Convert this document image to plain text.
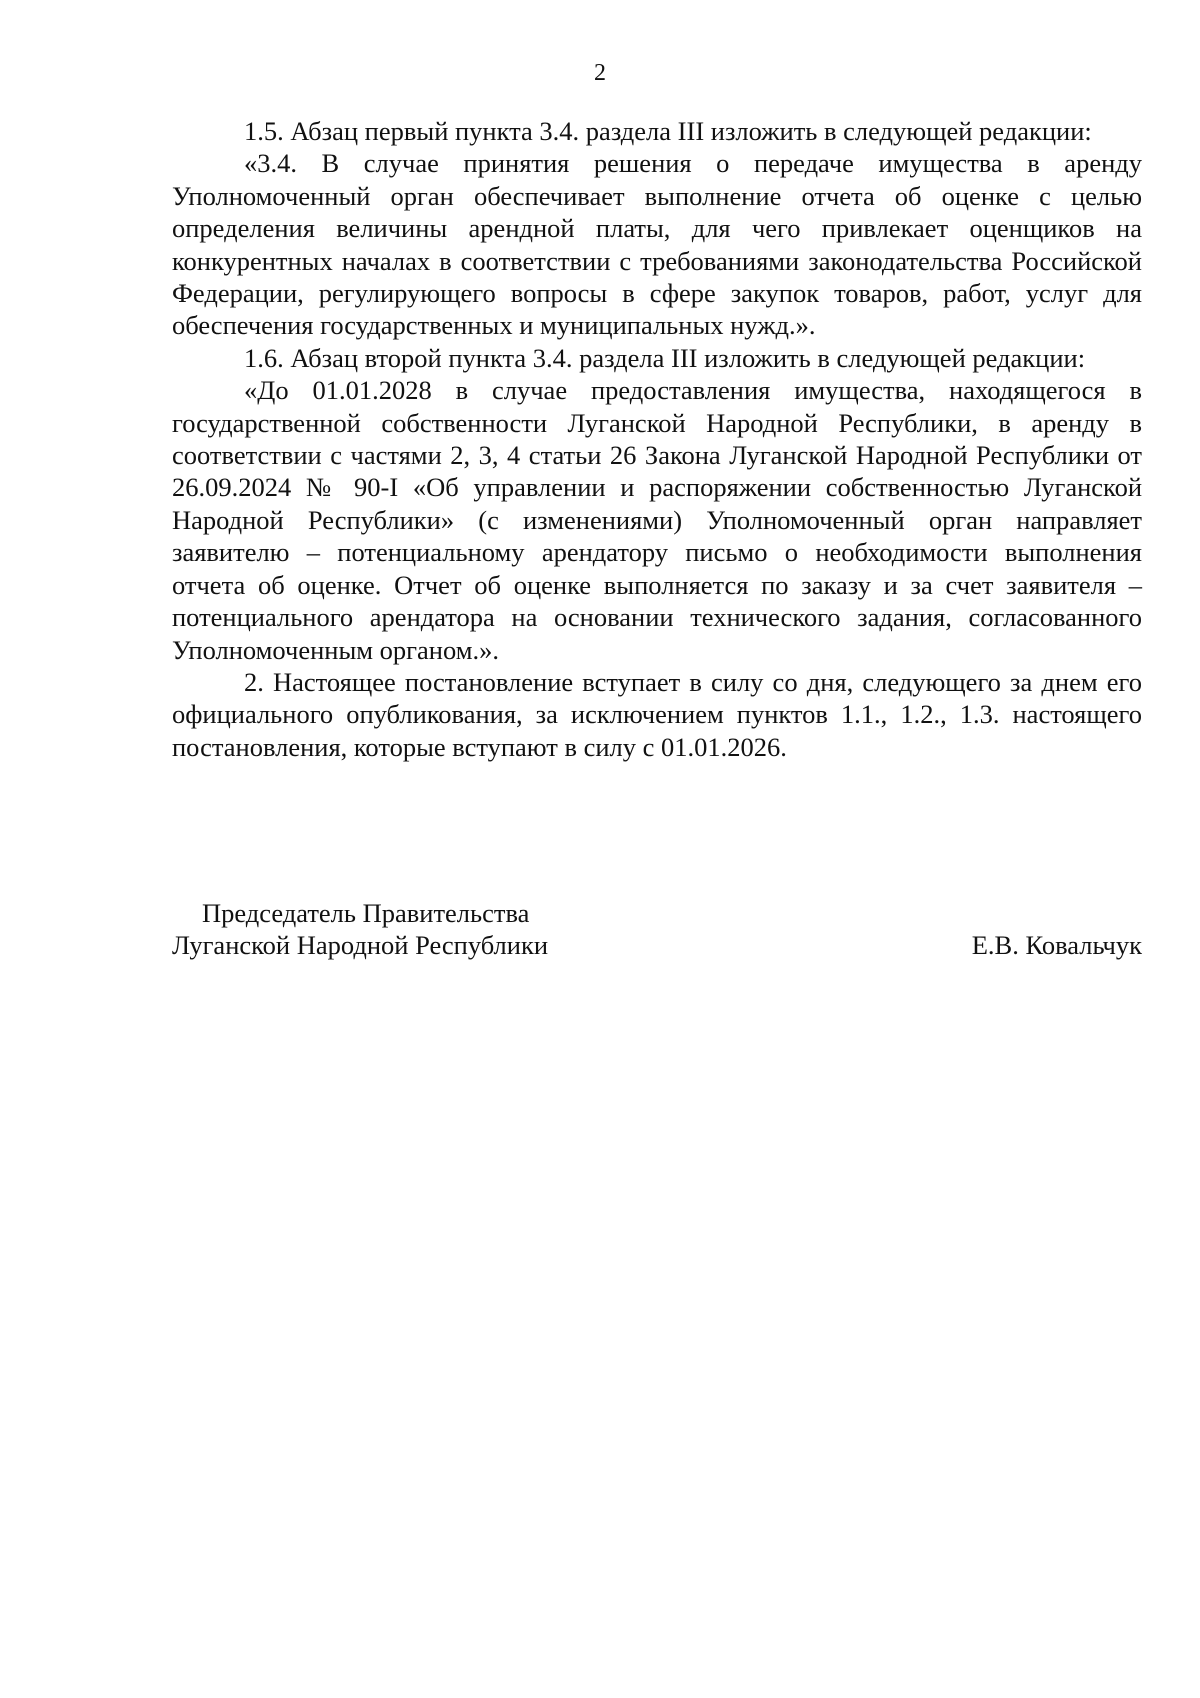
2

1.5. Абзац первый пункта 3.4. раздела III изложить в следующей редакции:

«3.4. В случае принятия решения о передаче имущества в аренду Уполномоченный орган обеспечивает выполнение отчета об оценке с целью определения величины арендной платы, для чего привлекает оценщиков на конкурентных началах в соответствии с требованиями законодательства Российской Федерации, регулирующего вопросы в сфере закупок товаров, работ, услуг для обеспечения государственных и муниципальных нужд.».

1.6. Абзац второй пункта 3.4. раздела III изложить в следующей редакции:

«До 01.01.2028 в случае предоставления имущества, находящегося в государственной собственности Луганской Народной Республики, в аренду в соответствии с частями 2, 3, 4 статьи 26 Закона Луганской Народной Республики от 26.09.2024 № 90-I «Об управлении и распоряжении собственностью Луганской Народной Республики» (с изменениями) Уполномоченный орган направляет заявителю – потенциальному арендатору письмо о необходимости выполнения отчета об оценке. Отчет об оценке выполняется по заказу и за счет заявителя – потенциального арендатора на основании технического задания, согласованного Уполномоченным органом.».

2. Настоящее постановление вступает в силу со дня, следующего за днем его официального опубликования, за исключением пунктов 1.1., 1.2., 1.3. настоящего постановления, которые вступают в силу с 01.01.2026.

Председатель Правительства
Луганской Народной Республики	Е.В. Ковальчук
